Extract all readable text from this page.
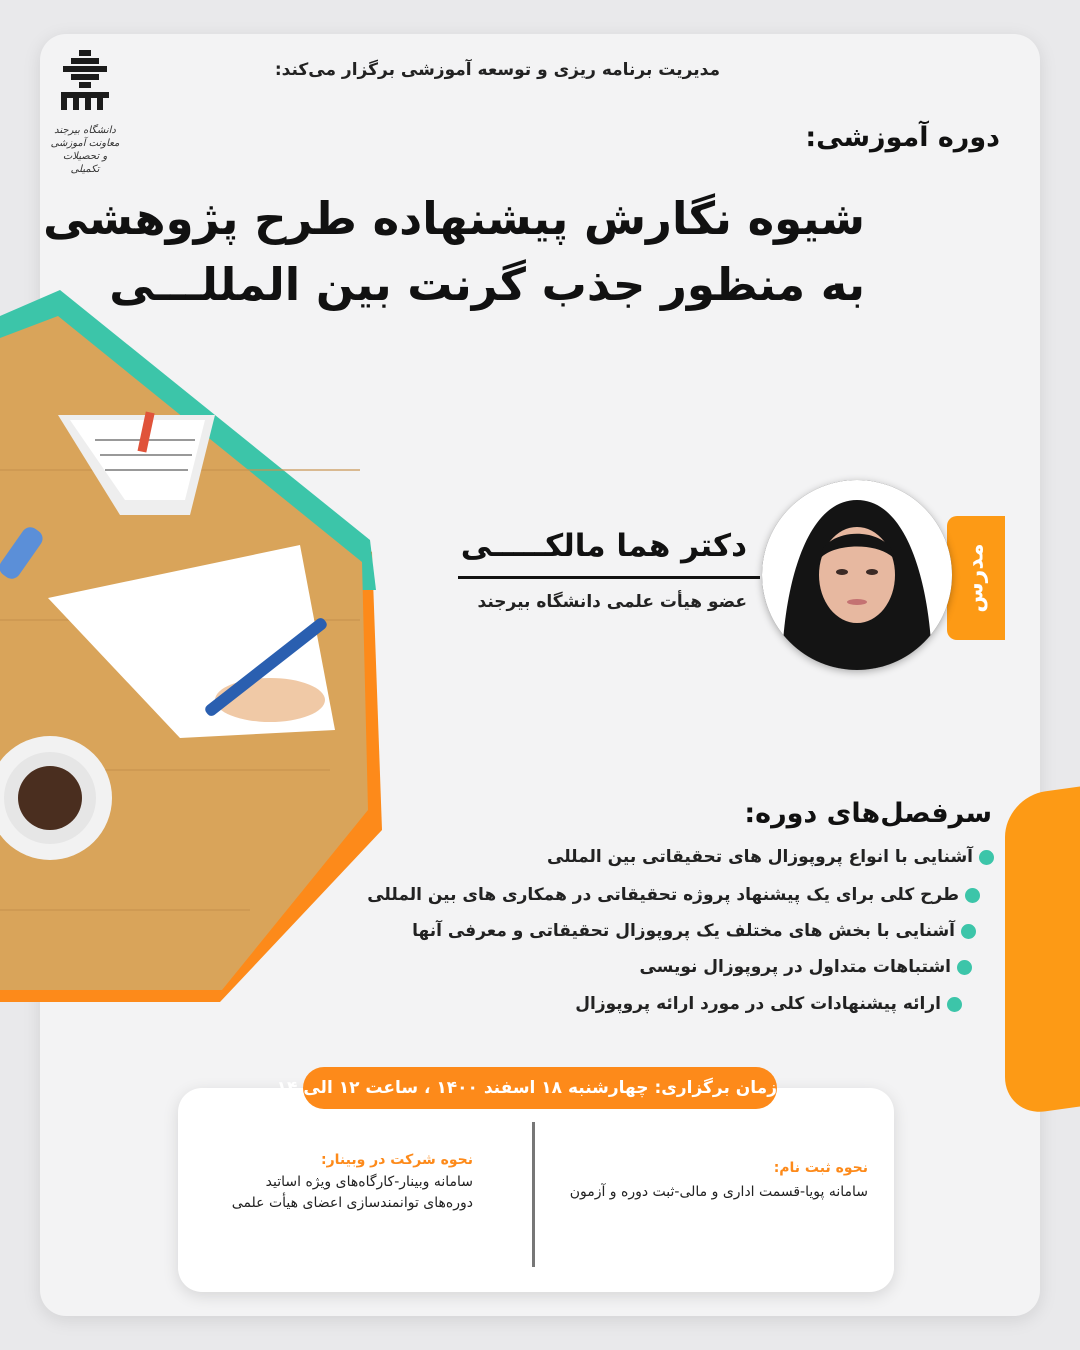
دانشگاه بیرجند
معاونت آموزشی
و تحصیلات تکمیلی
مدیریت برنامه ریزی و توسعه آموزشی برگزار می‌کند:
دوره آموزشی:
شیوه نگارش پیشنهاده طرح پژوهشی
به منظور جذب گرنت بین المللـــی
مدرس
دکتر هما مالکـــــی
عضو هیأت علمی دانشگاه بیرجند
سرفصل‌های دوره:
آشنایی با انواع پروپوزال های تحقیقاتی بین المللی
طرح کلی برای یک پیشنهاد پروژه تحقیقاتی در همکاری های بین المللی
آشنایی با بخش های مختلف یک پروپوزال تحقیقاتی و معرفی آنها
اشتباهات متداول در پروپوزال نویسی
ارائه پیشنهادات کلی در مورد ارائه پروپوزال
زمان برگزاری: چهارشنبه ۱۸ اسفند ۱۴۰۰ ، ساعت ۱۲ الی ۱۴
نحوه ثبت نام:
سامانه پویا-قسمت اداری و مالی-ثبت دوره و آزمون
نحوه شرکت در وبینار:
سامانه وبینار-کارگاه‌های ویژه اساتید
دوره‌های توانمندسازی اعضای هیأت علمی
